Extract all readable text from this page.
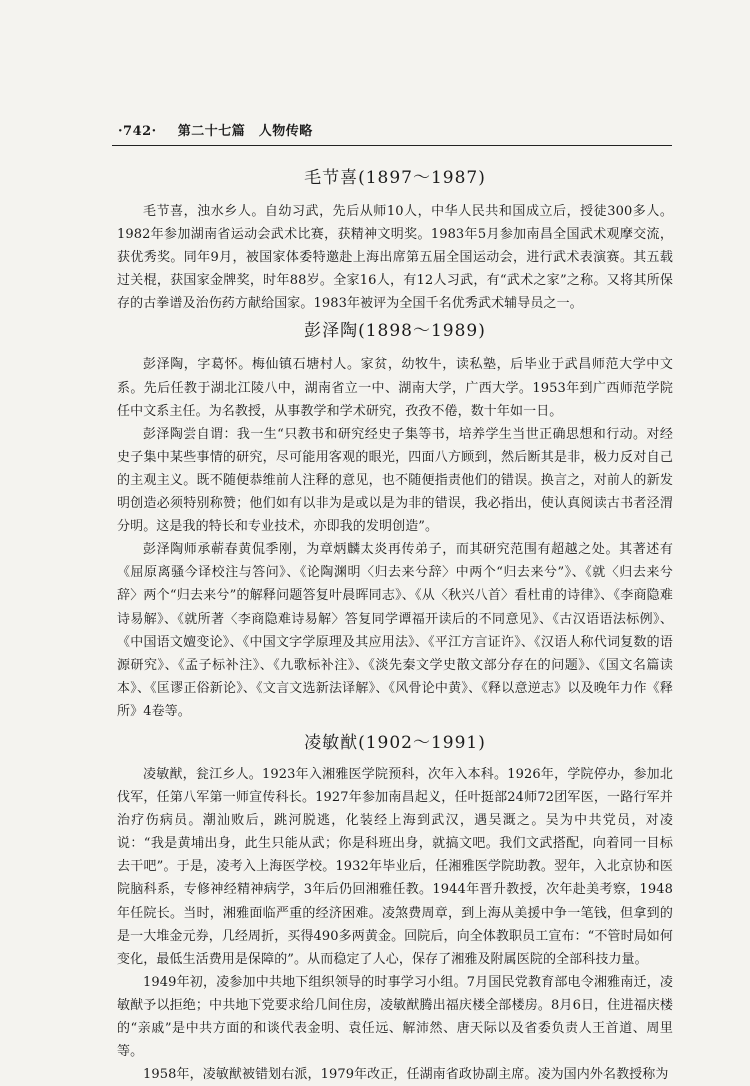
·742· 第二十七篇　人物传略
毛节喜(1897～1987)

毛节喜，浊水乡人。自幼习武，先后从师10人，中华人民共和国成立后，授徒300多人。1982年参加湖南省运动会武术比赛，获精神文明奖。1983年5月参加南昌全国武术观摩交流，获优秀奖。同年9月，被国家体委特邀赴上海出席第五届全国运动会，进行武术表演赛。其五载过关棍，获国家金牌奖，时年88岁。全家16人，有12人习武，有“武术之家”之称。又将其所保存的古拳谱及治伤药方献给国家。1983年被评为全国千名优秀武术辅导员之一。

彭泽陶(1898～1989)

彭泽陶，字葛怀。梅仙镇石塘村人。家贫，幼牧牛，读私塾，后毕业于武昌师范大学中文系。先后任教于湖北江陵八中，湖南省立一中、湖南大学，广西大学。1953年到广西师范学院任中文系主任。为名教授，从事教学和学术研究，孜孜不倦，数十年如一日。

彭泽陶尝自谓：我一生“只教书和研究经史子集等书，培养学生当世正确思想和行动。对经史子集中某些事情的研究，尽可能用客观的眼光，四面八方顾到，然后断其是非，极力反对自己的主观主义。既不随便恭维前人注释的意见，也不随便指责他们的错误。换言之，对前人的新发明创造必须特别称赞；他们如有以非为是或以是为非的错误，我必指出，使认真阅读古书者泾渭分明。这是我的特长和专业技术，亦即我的发明创造”。

彭泽陶师承蕲春黄侃季刚，为章炳麟太炎再传弟子，而其研究范围有超越之处。其著述有《屈原离骚今译校注与答问》、《论陶渊明〈归去来兮辞〉中两个“归去来兮”》、《就〈归去来兮辞〉两个“归去来兮”的解释问题答复叶晨晖同志》、《从〈秋兴八首〉看杜甫的诗律》、《李商隐难诗易解》、《就所著〈李商隐难诗易解〉答复同学谭福开读后的不同意见》、《古汉语语法标例》、《中国语文嬗变论》、《中国文字学原理及其应用法》、《平江方言证许》、《汉语人称代词复数的语源研究》、《孟子标补注》、《九歌标补注》、《淡先秦文学史散文部分存在的问题》、《国文名篇读本》、《匡谬正俗新论》、《文言文选新法译解》、《风骨论中黄》、《释以意逆志》以及晚年力作《释所》4卷等。

凌敏猷(1902～1991)

凌敏猷，瓮江乡人。1923年入湘雅医学院预科，次年入本科。1926年，学院停办，参加北伐军，任第八军第一师宣传科长。1927年参加南昌起义，任叶挺部24师72团军医，一路行军并治疗伤病员。潮汕败后，跳河脱逃，化装经上海到武汉，遇吴溉之。吴为中共党员，对凌说：“我是黄埔出身，此生只能从武；你是科班出身，就搞文吧。我们文武搭配，向着同一目标去干吧”。于是，凌考入上海医学校。1932年毕业后，任湘雅医学院助教。翌年，入北京协和医院脑科系，专修神经精神病学，3年后仍回湘雅任教。1944年晋升教授，次年赴美考察，1948年任院长。当时，湘雅面临严重的经济困难。凌煞费周章，到上海从美援中争一笔钱，但拿到的是一大堆金元券，几经周折，买得490多两黄金。回院后，向全体教职员工宣布：“不管时局如何变化，最低生活费用是保障的”。从而稳定了人心，保存了湘雅及附属医院的全部科技力量。

1949年初，凌参加中共地下组织领导的时事学习小组。7月国民党教育部电令湘雅南迁，凌敏猷予以拒绝；中共地下党要求给几间住房，凌敏猷腾出福庆楼全部楼房。8月6日，住进福庆楼的“亲戚”是中共方面的和谈代表金明、袁任远、解沛然、唐天际以及省委负责人王首道、周里等。

1958年，凌敏猷被错划右派，1979年改正，任湖南省政协副主席。凌为国内外名教授称为
